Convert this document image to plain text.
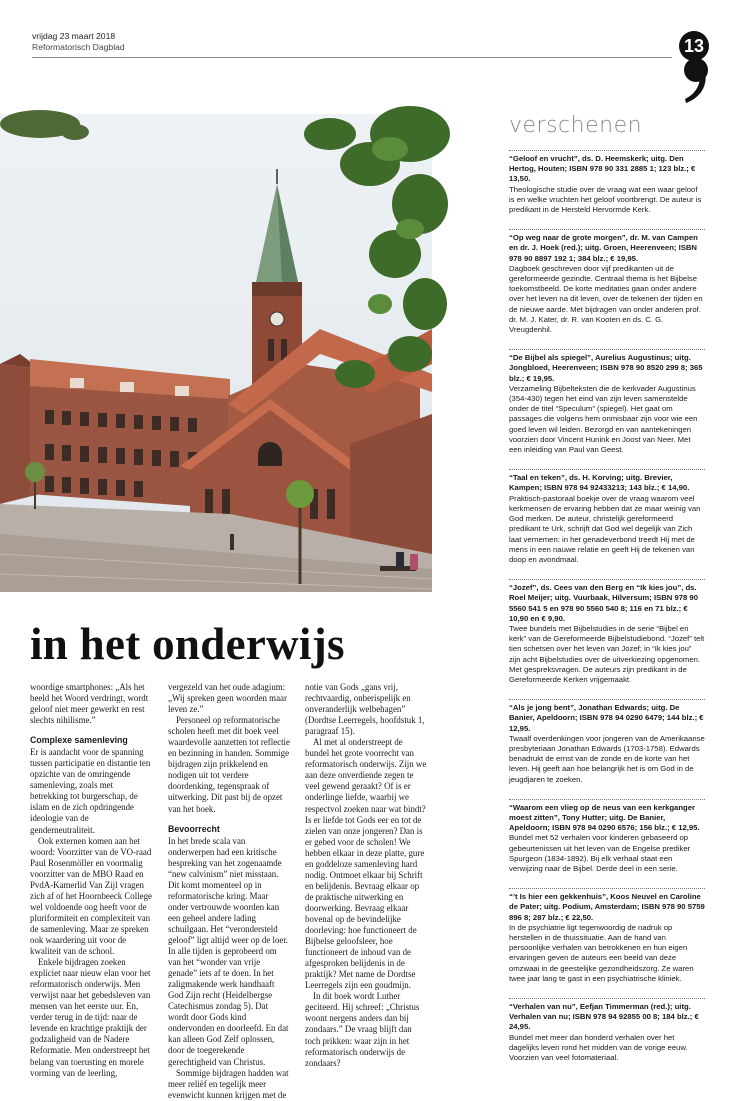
vrijdag 23 maart 2018
Reformatorisch Dagblad	13
in het onderwijs

woordige smartphones: „Als het beeld het Woord verdringt, wordt geloof niet meer gewerkt en rest slechts nihilisme.”

Complexe samenleving

Er is aandacht voor de spanning tussen participatie en distantie ten opzichte van de omringende samenleving, zoals met betrekking tot burgerschap, de islam en de zich opdringende ideologie van de genderneutraliteit.

Ook externen komen aan het woord: Voorzitter van de VO-raad Paul Rosenmöller en voormalig voorzitter van de MBO Raad en PvdA-Kamerlid Van Zijl vragen zich af of het Hoornbeeck College wel voldoende oog heeft voor de pluriformiteit en complexiteit van de samenleving. Maar ze spreken ook waardering uit voor de kwaliteit van de school.

Enkele bijdragen zoeken expliciet naar nieuw elan voor het reformatorisch onderwijs. Men verwijst naar het gebedsleven van mensen van het eerste uur. En, verder terug in de tijd: naar de levende en krachtige praktijk der godzaligheid van de Nadere Reformatie. Men onderstreept het belang van toerusting en morele vorming van de leerling,

vergezeld van het oude adagium: „Wij spreken geen woorden maar leven ze.”

Personeel op reformatorische scholen heeft met dit boek veel waardevolle aanzetten tot reflectie en bezinning in handen. Sommige bijdragen zijn prikkelend en nodigen uit tot verdere doordenking, tegenspraak of uitwerking. Dit past bij de opzet van het boek.

Bevoorrecht

In het brede scala van onderwerpen had een kritische bespreking van het zogenaamde “new calvinism” niet misstaan. Dit komt momenteel op in reformatorische kring. Maar onder vertrouwde woorden kan een geheel andere lading schuilgaan. Het “verondersteld geloof” ligt altijd weer op de loer. In alle tijden is geprobeerd om van het “wonder van vrije genade” iets af te doen. In het zaligmakende werk handhaaft God Zijn recht (Heidelbergse Catechismus zondag 5). Dat wordt door Gods kind ondervonden en doorleefd. En dat kan alleen God Zelf oplossen, door de toegerekende gerechtigheid van Christus.

Sommige bijdragen hadden wat meer reliëf en tegelijk meer evenwicht kunnen krijgen met de

notie van Gods „gans vrij, rechtvaardig, onberispelijk en onveranderlijk welbehagen” (Dordtse Leerregels, hoofdstuk 1, paragraaf 15).

Al met al onderstreept de bundel het grote voorrecht van reformatorisch onderwijs. Zijn we aan deze onverdiende zegen te veel gewend geraakt? Of is er onderlinge liefde, waarbij we respectvol zoeken naar wat bindt? Is er liefde tot Gods eer en tot de zielen van onze jongeren? Dan is er gebed voor de scholen! We hebben elkaar in deze platte, gure en goddeloze samenleving hard nodig. Ontmoet elkaar bij Schrift en belijdenis. Bevraag elkaar op de praktische uitwerking en doorwerking. Bevraag elkaar bovenal op de bevindelijke doorleving: hoe functioneert de Bijbelse geloofsleer, hoe functioneert de inhoud van de afgesproken belijdenis in de praktijk? Met name de Dordtse Leerregels zijn een goudmijn.

In dit boek wordt Luther geciteerd. Hij schreef: „Christus woont nergens anders dan bij zondaars.” De vraag blijft dan toch prikken: waar zijn in het reformatorisch onderwijs de zondaars?

verschenen
“Geloof en vrucht”, ds. D. Heemskerk; uitg. Den Hertog, Houten; ISBN 978 90 331 2885 1; 123 blz.; € 13,50.
Theologische studie over de vraag wat een waar geloof is en welke vruchten het geloof voortbrengt. De auteur is predikant in de Hersteld Hervormde Kerk.
“Op weg naar de grote morgen”, dr. M. van Campen en dr. J. Hoek (red.); uitg. Groen, Heerenveen; ISBN 978 90 8897 192 1; 384 blz.; € 19,95.
Dagboek geschreven door vijf predikanten uit de gereformeerde gezindte. Centraal thema is het Bijbelse toekomstbeeld. De korte meditaties gaan onder andere over het leven na dit leven, over de tekenen der tijden en de nieuwe aarde. Met bijdragen van onder anderen prof. dr. M. J. Kater, dr. R. van Kooten en ds. C. G. Vreugdenhil.
“De Bijbel als spiegel”, Aurelius Augustinus; uitg. Jongbloed, Heerenveen; ISBN 978 90 8520 299 8; 365 blz.; € 19,95.
Verzameling Bijbelteksten die de kerkvader Augustinus (354-430) tegen het eind van zijn leven samenstelde onder de titel “Speculum” (spiegel). Het gaat om passages die volgens hem onmisbaar zijn voor wie een goed leven wil leiden. Bezorgd en van aantekeningen voorzien door Vincent Hunink en Joost van Neer. Met een inleiding van Paul van Geest.
“Taal en teken”, ds. H. Korving; uitg. Brevier, Kampen; ISBN 978 94 92433213; 143 blz.; € 14,90.
Praktisch-pastoraal boekje over de vraag waarom veel kerkmensen de ervaring hebben dat ze maar weinig van God merken. De auteur, christelijk gereformeerd predikant te Urk, schrijft dat God wel degelijk van Zich laat vernemen: in het genadeverbond treedt Hij met de mens in een nauwe relatie en geeft Hij de tekenen van doop en avondmaal.
“Jozef”, ds. Cees van den Berg en “Ik kies jou”, ds. Roel Meijer; uitg. Vuurbaak, Hilversum; ISBN 978 90 5560 541 5 en 978 90 5560 540 8; 116 en 71 blz.; € 10,90 en € 9,90.
Twee bundels met Bijbelstudies in de serie “Bijbel en kerk” van de Gereformeerde Bijbelstudiebond. “Jozef” telt tien schetsen over het leven van Jozef; in “Ik kies jou” zijn acht Bijbelstudies over de uitverkiezing opgenomen. Met gespreksvragen. De auteurs zijn predikant in de Gereformeerde Kerken vrijgemaakt.
“Als je jong bent”, Jonathan Edwards; uitg. De Banier, Apeldoorn; ISBN 978 94 0290 6479; 144 blz.; € 12,95.
Twaalf overdenkingen voor jongeren van de Amerikaanse presbyteriaan Jonathan Edwards (1703-1758). Edwards benadrukt de ernst van de zonde en de korte van het leven. Hij geeft aan hoe belangrijk het is om God in de jeugdjaren te zoeken.
“Waarom een vlieg op de neus van een kerkganger moest zitten”, Tony Hutter; uitg. De Banier, Apeldoorn; ISBN 978 94 0290 6576; 156 blz.; € 12,95.
Bundel met 52 verhalen voor kinderen gebaseerd op gebeurtenissen uit het leven van de Engelse prediker Spurgeon (1834-1892). Bij elk verhaal staat een verwijzing naar de Bijbel. Derde deel in een serie.
“’t Is hier een gekkenhuis”, Koos Neuvel en Caroline de Pater; uitg. Podium, Amsterdam; ISBN 978 90 5759 896 8; 287 blz.; € 22,50.
In de psychiatrie ligt tegenwoordig de nadruk op herstellen in de thuissituatie. Aan de hand van persoonlijke verhalen van betrokkenen en hun eigen ervaringen geven de auteurs een beeld van deze omzwaai in de geestelijke gezondheidszorg. Ze waren twee jaar lang te gast in een psychiatrische kliniek.
“Verhalen van nu”, Eefjan Timmerman (red.); uitg. Verhalen van nu; ISBN 978 94 92855 00 8; 184 blz.; € 24,95.
Bundel met meer dan honderd verhalen over het dagelijks leven rond het midden van de vorige eeuw. Voorzien van veel fotomateriaal.
